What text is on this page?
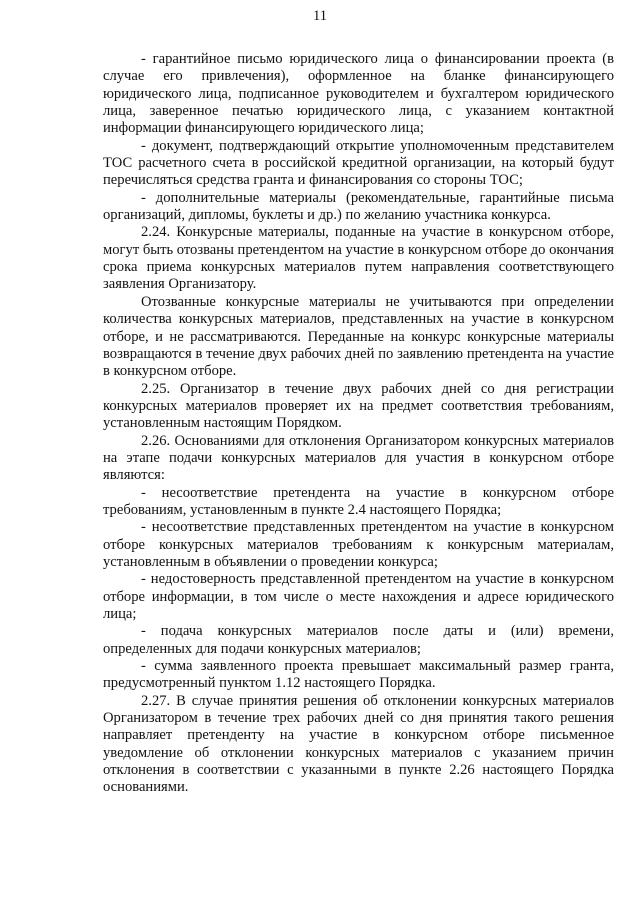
11

- гарантийное письмо юридического лица о финансировании проекта (в случае его привлечения), оформленное на бланке финансирующего юридического лица, подписанное руководителем и бухгалтером юридического лица, заверенное печатью юридического лица, с указанием контактной информации финансирующего юридического лица;

- документ, подтверждающий открытие уполномоченным представителем ТОС расчетного счета в российской кредитной организации, на который будут перечисляться средства гранта и финансирования со стороны ТОС;

- дополнительные материалы (рекомендательные, гарантийные письма организаций, дипломы, буклеты и др.) по желанию участника конкурса.

2.24. Конкурсные материалы, поданные на участие в конкурсном отборе, могут быть отозваны претендентом на участие в конкурсном отборе до окончания срока приема конкурсных материалов путем направления соответствующего заявления Организатору.

Отозванные конкурсные материалы не учитываются при определении количества конкурсных материалов, представленных на участие в конкурсном отборе, и не рассматриваются. Переданные на конкурс конкурсные материалы возвращаются в течение двух рабочих дней по заявлению претендента на участие в конкурсном отборе.

2.25. Организатор в течение двух рабочих дней со дня регистрации конкурсных материалов проверяет их на предмет соответствия требованиям, установленным настоящим Порядком.

2.26. Основаниями для отклонения Организатором конкурсных материалов на этапе подачи конкурсных материалов для участия в конкурсном отборе являются:

- несоответствие претендента на участие в конкурсном отборе требованиям, установленным в пункте 2.4 настоящего Порядка;

- несоответствие представленных претендентом на участие в конкурсном отборе конкурсных материалов требованиям к конкурсным материалам, установленным в объявлении о проведении конкурса;

- недостоверность представленной претендентом на участие в конкурсном отборе информации, в том числе о месте нахождения и адресе юридического лица;

- подача конкурсных материалов после даты и (или) времени, определенных для подачи конкурсных материалов;

- сумма заявленного проекта превышает максимальный размер гранта, предусмотренный пунктом 1.12 настоящего Порядка.

2.27. В случае принятия решения об отклонении конкурсных материалов Организатором в течение трех рабочих дней со дня принятия такого решения направляет претенденту на участие в конкурсном отборе письменное уведомление об отклонении конкурсных материалов с указанием причин отклонения в соответствии с указанными в пункте 2.26 настоящего Порядка основаниями.
